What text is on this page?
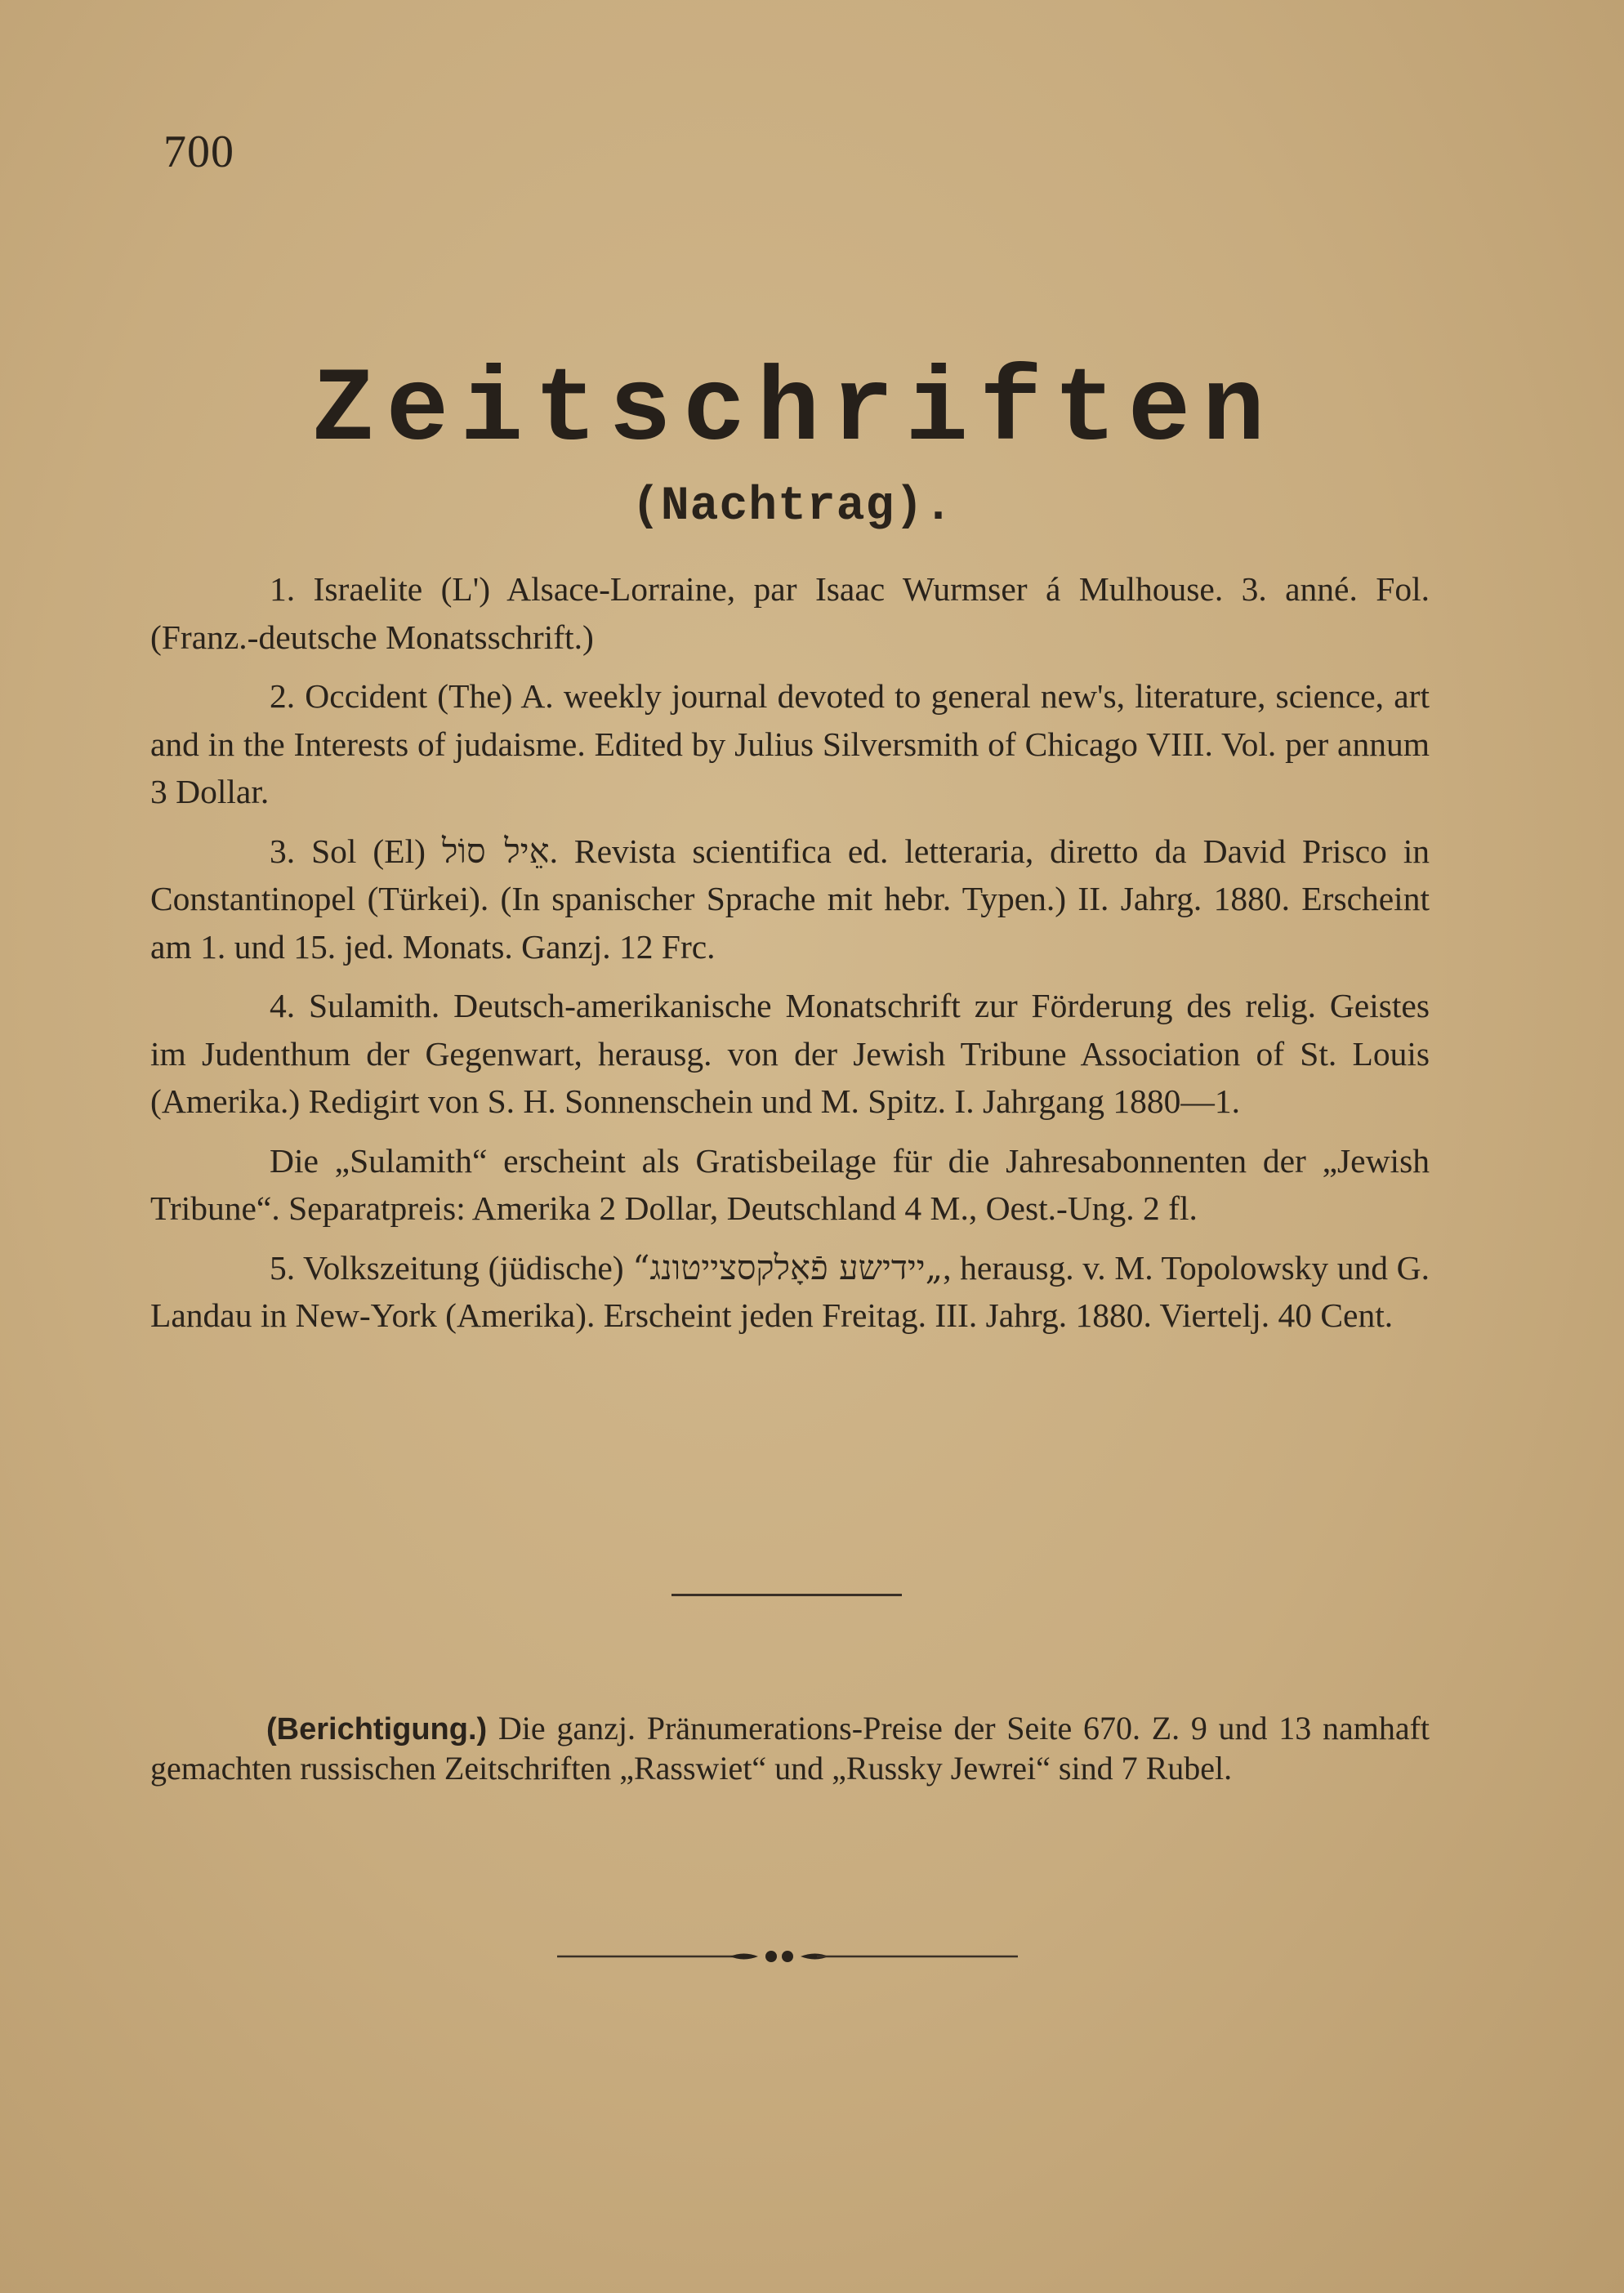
700
Zeitschriften
(Nachtrag).

1. Israelite (L') Alsace-Lorraine, par Isaac Wurmser á Mulhouse. 3. anné. Fol. (Franz.-deutsche Monatsschrift.)

2. Occident (The) A. weekly journal devoted to general new's, literature, science, art and in the Interests of judaisme. Edited by Julius Silversmith of Chicago VIII. Vol. per annum 3 Dollar.

3. Sol (El) אֵיל סוֹל. Revista scientifica ed. letteraria, diretto da David Prisco in Constantinopel (Türkei). (In spanischer Sprache mit hebr. Typen.) II. Jahrg. 1880. Erscheint am 1. und 15. jed. Monats. Ganzj. 12 Frc.

4. Sulamith. Deutsch-amerikanische Monatschrift zur Förderung des relig. Geistes im Judenthum der Gegenwart, herausg. von der Jewish Tribune Association of St. Louis (Amerika.) Redigirt von S. H. Sonnenschein und M. Spitz. I. Jahrgang 1880—1.

Die „Sulamith“ erscheint als Gratisbeilage für die Jahresabonnenten der „Jewish Tribune“. Separatpreis: Amerika 2 Dollar, Deutschland 4 M., Oest.-Ung. 2 fl.

5. Volkszeitung (jüdische) „יידישע פֿאָלקסצייטונג“, herausg. v. M. Topolowsky und G. Landau in New-York (Amerika). Erscheint jeden Freitag. III. Jahrg. 1880. Viertelj. 40 Cent.

(Berichtigung.) Die ganzj. Pränumerations-Preise der Seite 670. Z. 9 und 13 namhaft gemachten russischen Zeitschriften „Rasswiet“ und „Russky Jewrei“ sind 7 Rubel.
